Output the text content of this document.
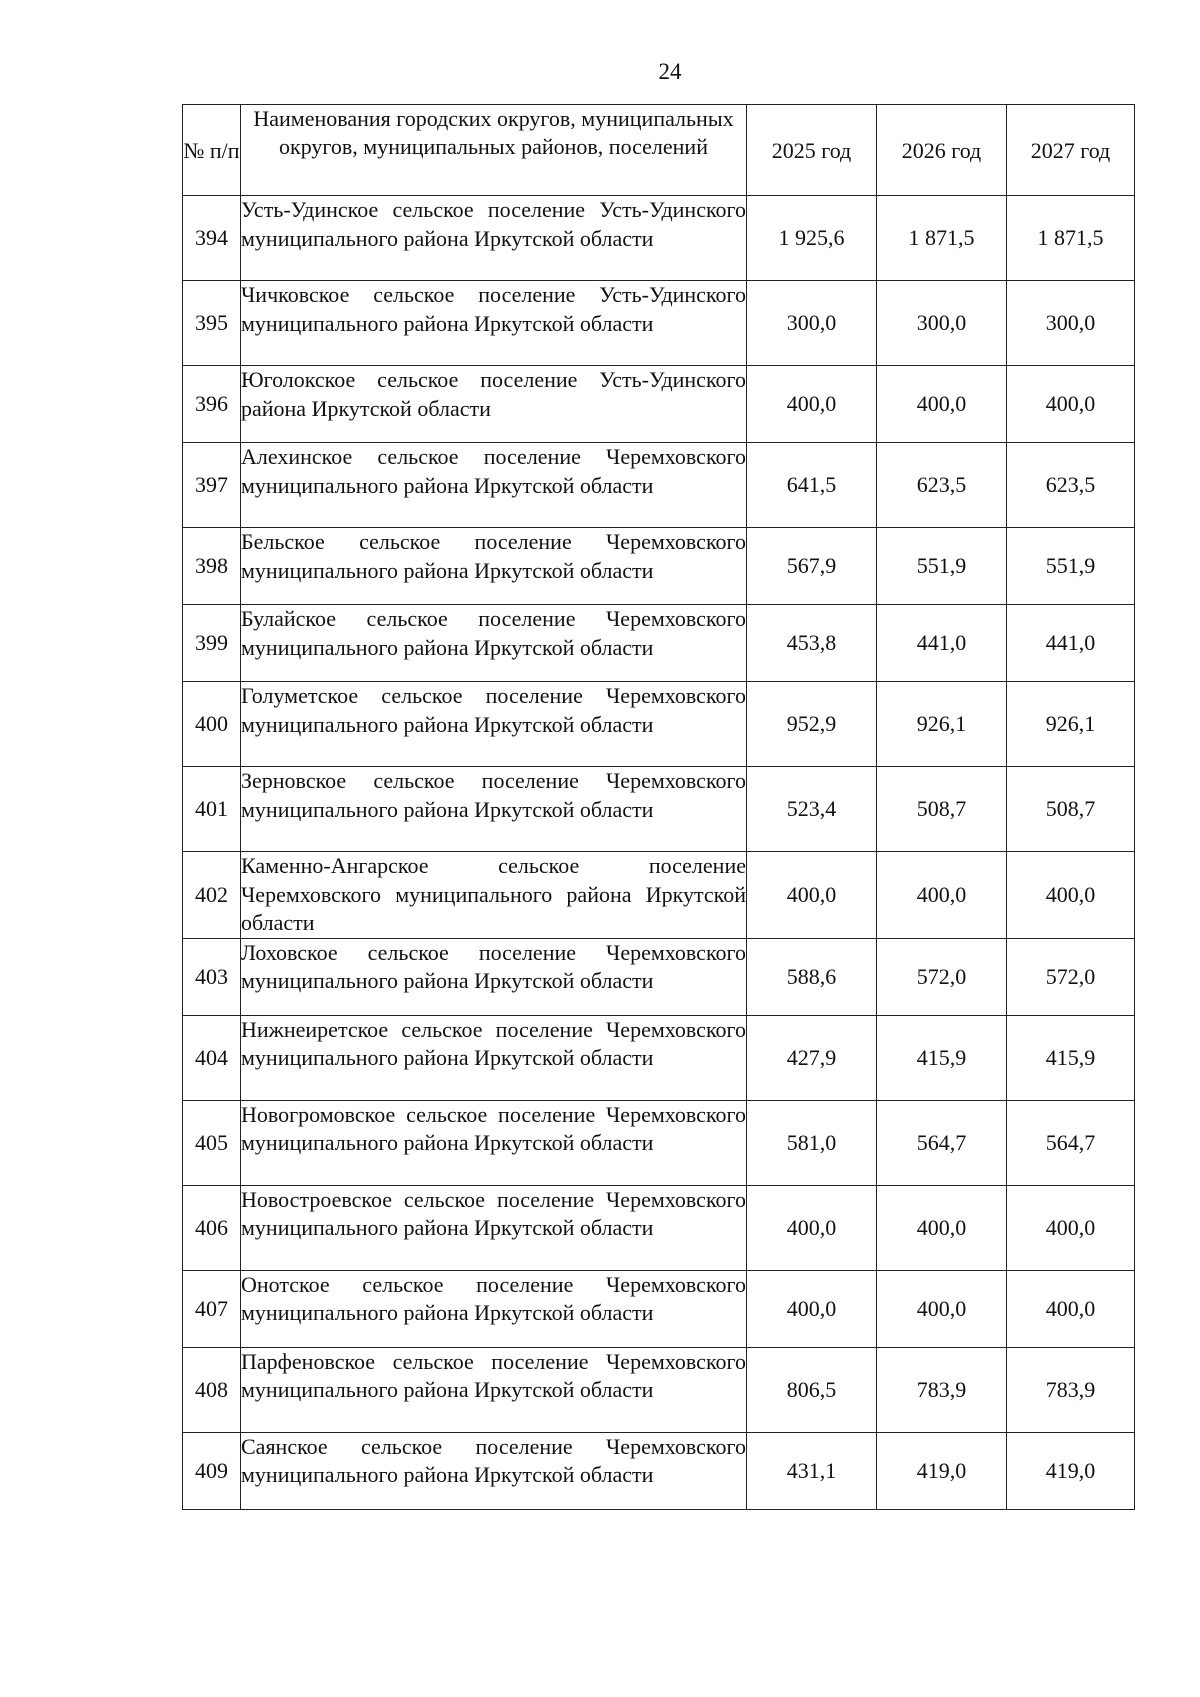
24
№ п/п	Наименования городских округов, муниципальных округов, муниципальных районов, поселений	2025 год	2026 год	2027 год
394	Усть-Удинское сельское поселение Усть-Удинского муниципального района Иркутской области	1 925,6	1 871,5	1 871,5
395	Чичковское сельское поселение Усть-Удинского муниципального района Иркутской области	300,0	300,0	300,0
396	Юголокское сельское поселение Усть-Удинского района Иркутской области	400,0	400,0	400,0
397	Алехинское сельское поселение Черемховского муниципального района Иркутской области	641,5	623,5	623,5
398	Бельское сельское поселение Черемховского муниципального района Иркутской области	567,9	551,9	551,9
399	Булайское сельское поселение Черемховского муниципального района Иркутской области	453,8	441,0	441,0
400	Голуметское сельское поселение Черемховского муниципального района Иркутской области	952,9	926,1	926,1
401	Зерновское сельское поселение Черемховского муниципального района Иркутской области	523,4	508,7	508,7
402	Каменно-Ангарское сельское поселение Черемховского муниципального района Иркутской области	400,0	400,0	400,0
403	Лоховское сельское поселение Черемховского муниципального района Иркутской области	588,6	572,0	572,0
404	Нижнеиретское сельское поселение Черемховского муниципального района Иркутской области	427,9	415,9	415,9
405	Новогромовское сельское поселение Черемховского муниципального района Иркутской области	581,0	564,7	564,7
406	Новостроевское сельское поселение Черемховского муниципального района Иркутской области	400,0	400,0	400,0
407	Онотское сельское поселение Черемховского муниципального района Иркутской области	400,0	400,0	400,0
408	Парфеновское сельское поселение Черемховского муниципального района Иркутской области	806,5	783,9	783,9
409	Саянское сельское поселение Черемховского муниципального района Иркутской области	431,1	419,0	419,0
